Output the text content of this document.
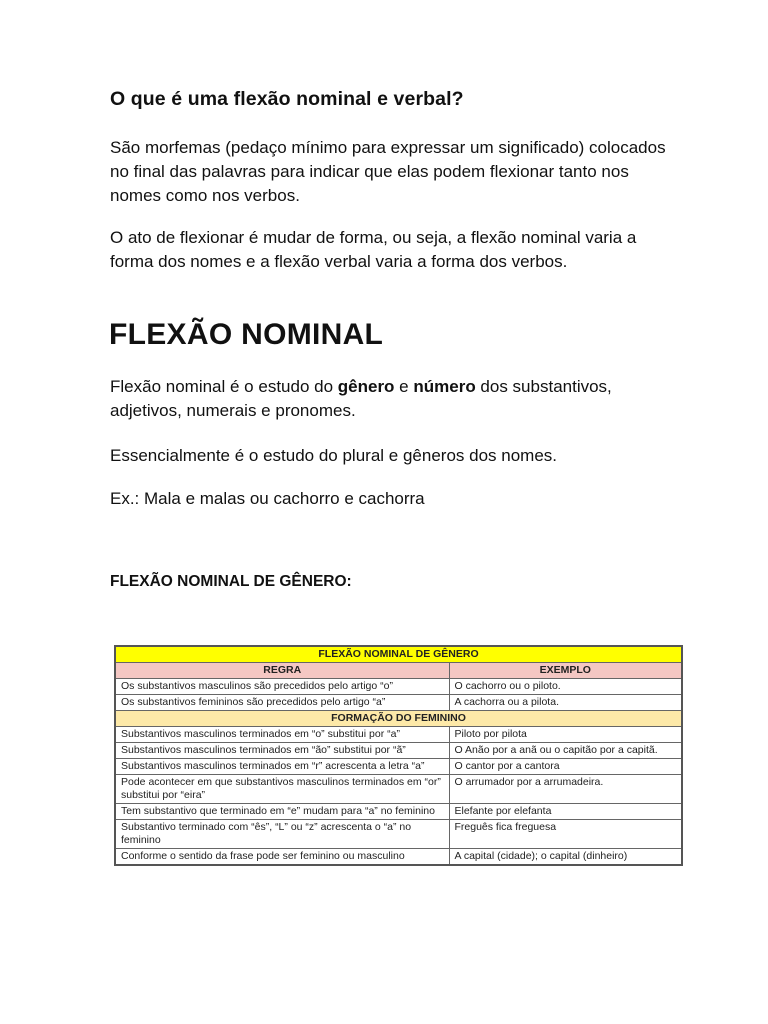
O que é uma flexão nominal e verbal?

São morfemas (pedaço mínimo para expressar um significado) colocados no final das palavras para indicar que elas podem flexionar tanto nos nomes como nos verbos.

O ato de flexionar é mudar de forma, ou seja, a flexão nominal varia a forma dos nomes e a flexão verbal varia a forma dos verbos.

FLEXÃO NOMINAL

Flexão nominal é o estudo do gênero e número dos substantivos, adjetivos, numerais e pronomes.

Essencialmente é o estudo do plural e gêneros dos nomes.

Ex.: Mala e malas ou cachorro e cachorra

FLEXÃO NOMINAL DE GÊNERO:
FLEXÃO NOMINAL DE GÊNERO	
REGRA	EXEMPLO
Os substantivos masculinos são precedidos pelo artigo “o”	O cachorro ou o piloto.
Os substantivos femininos são precedidos pelo artigo “a”	A cachorra ou a pilota.
FORMAÇÃO DO FEMININO	
Substantivos masculinos terminados em “o” substitui por “a”	Piloto por pilota
Substantivos masculinos terminados em “ão” substitui por “ã”	O Anão por a anã ou o capitão por a capitã.
Substantivos masculinos terminados em “r” acrescenta a letra “a”	O cantor por a cantora
Pode acontecer em que substantivos masculinos terminados em “or” substitui por “eira”	O arrumador por a arrumadeira.
Tem substantivo que terminado em “e” mudam para “a” no feminino	Elefante por elefanta
Substantivo terminado com “ês”, “L” ou “z” acrescenta o “a” no feminino	Freguês fica freguesa
Conforme o sentido da frase pode ser feminino ou masculino	A capital (cidade); o capital (dinheiro)
